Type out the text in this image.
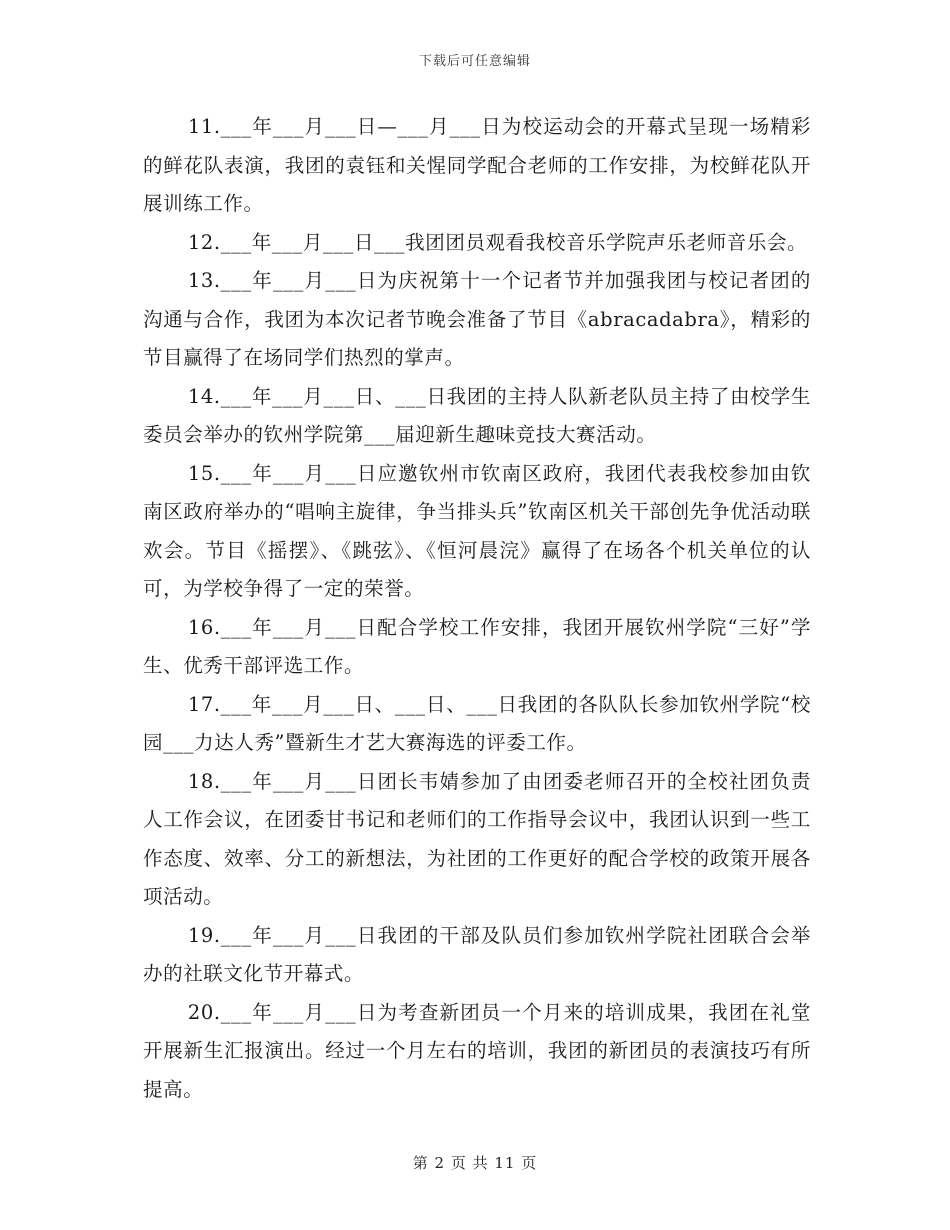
下载后可任意编辑

11.___年___月___日—___月___日为校运动会的开幕式呈现一场精彩的鲜花队表演，我团的袁钰和关惺同学配合老师的工作安排，为校鲜花队开展训练工作。

12.___年___月___日___我团团员观看我校音乐学院声乐老师音乐会。

13.___年___月___日为庆祝第十一个记者节并加强我团与校记者团的沟通与合作，我团为本次记者节晚会准备了节目《abracadabra》，精彩的节目赢得了在场同学们热烈的掌声。

14.___年___月___日、___日我团的主持人队新老队员主持了由校学生委员会举办的钦州学院第___届迎新生趣味竞技大赛活动。

15.___年___月___日应邀钦州市钦南区政府，我团代表我校参加由钦南区政府举办的“唱响主旋律，争当排头兵”钦南区机关干部创先争优活动联欢会。节目《摇摆》、《跳弦》、《恒河晨浣》赢得了在场各个机关单位的认可，为学校争得了一定的荣誉。

16.___年___月___日配合学校工作安排，我团开展钦州学院“三好”学生、优秀干部评选工作。

17.___年___月___日、___日、___日我团的各队队长参加钦州学院“校园___力达人秀”暨新生才艺大赛海选的评委工作。

18.___年___月___日团长韦婧参加了由团委老师召开的全校社团负责人工作会议，在团委甘书记和老师们的工作指导会议中，我团认识到一些工作态度、效率、分工的新想法，为社团的工作更好的配合学校的政策开展各项活动。

19.___年___月___日我团的干部及队员们参加钦州学院社团联合会举办的社联文化节开幕式。

20.___年___月___日为考查新团员一个月来的培训成果，我团在礼堂开展新生汇报演出。经过一个月左右的培训，我团的新团员的表演技巧有所提高。

第 2 页 共 11 页
